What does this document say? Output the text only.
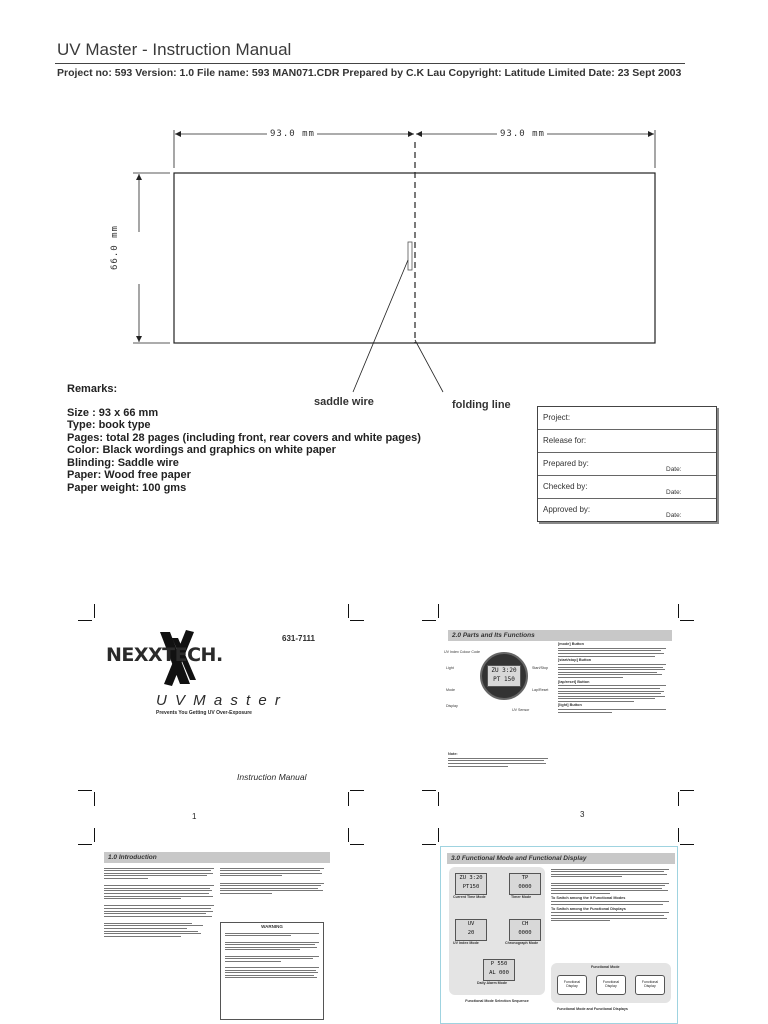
UV Master - Instruction Manual
Project no: 593 Version: 1.0 File name: 593 MAN071.CDR Prepared by C.K Lau Copyright: Latitude Limited Date: 23 Sept 2003
93.0 mm	93.0 mm
66.0 mm
saddle wire	folding line
Remarks:
Size : 93 x 66 mm
Type: book type
Pages: total 28 pages (including front, rear covers and white pages)
Color: Black wordings and graphics on white paper
Blinding: Saddle wire
Paper: Wood free paper
Paper weight: 100 gms
Project:
Release for:
Prepared by:
Date:
Checked by:
Date:
Approved by:
Date:
NEXXTECH.
631-7111
U V M a s t e r
Prevents You Getting UV Over-Exposure
Instruction Manual
1
2.0 Parts and Its Functions
ZU 3:20
PT 150
UV Index Colour Code
Light
Mode
Display
Start/Stop
Lap/Reset
UV Sensor
[mode] Button
[start/stop] Button
[lap/reset] Button
[light] Button
Note:
3
1.0 Introduction
WARNING
3.0 Functional Mode and Functional Display
ZU 3:20
PT150
Current Time Mode
TP
0000
Timer Mode
UV
20
UV Index Mode
CH
0000
Chronograph Mode
P 550
AL 000
Daily Alarm Mode
Functional Mode Selection Sequence
To Switch among the 5 Functional Modes
To Switch among the Functional Displays
Functional Mode
Functional Display
Functional Display
Functional Display
Functional Mode and Functional Displays
